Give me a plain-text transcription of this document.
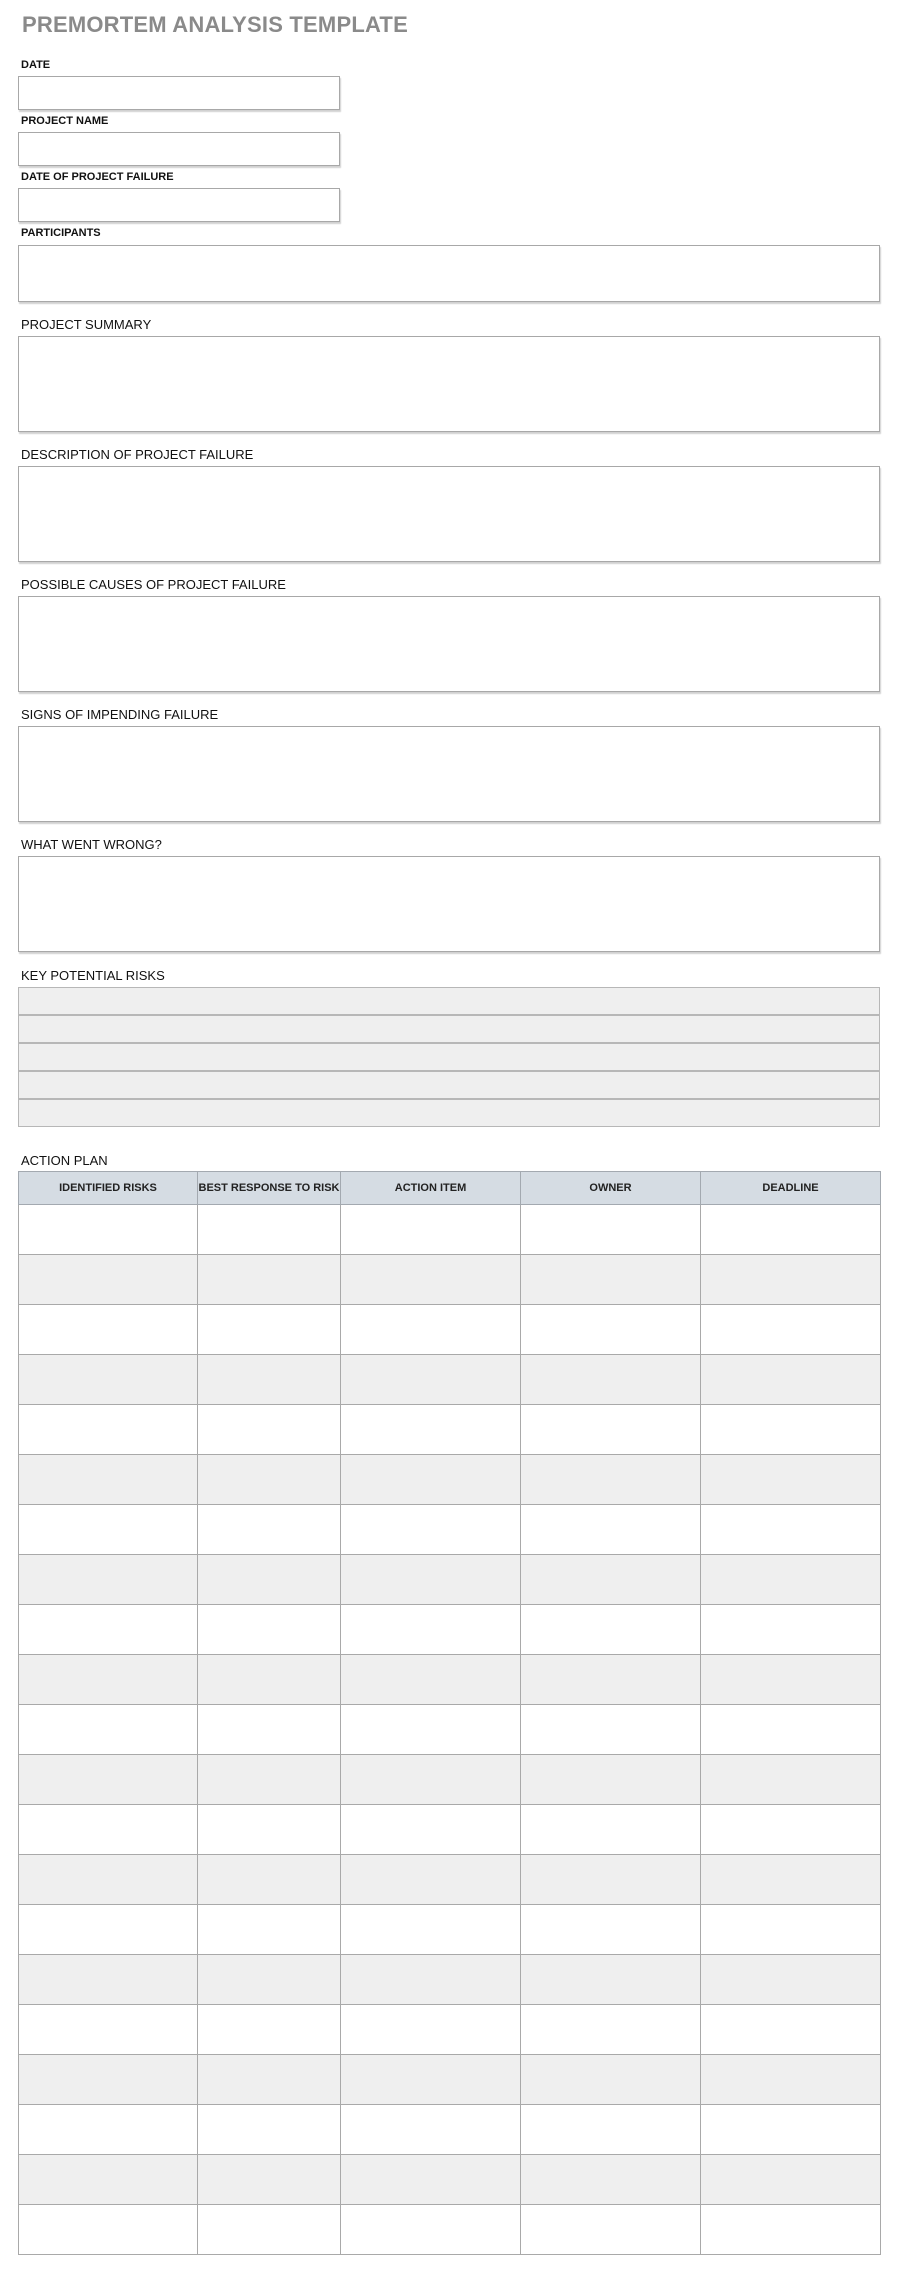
PREMORTEM ANALYSIS TEMPLATE
DATE
PROJECT NAME
DATE OF PROJECT FAILURE
PARTICIPANTS
PROJECT SUMMARY
DESCRIPTION OF PROJECT FAILURE
POSSIBLE CAUSES OF PROJECT FAILURE
SIGNS OF IMPENDING FAILURE
WHAT WENT WRONG?
KEY POTENTIAL RISKS
ACTION PLAN
IDENTIFIED RISKS	BEST RESPONSE TO RISK	ACTION ITEM	OWNER	DEADLINE
